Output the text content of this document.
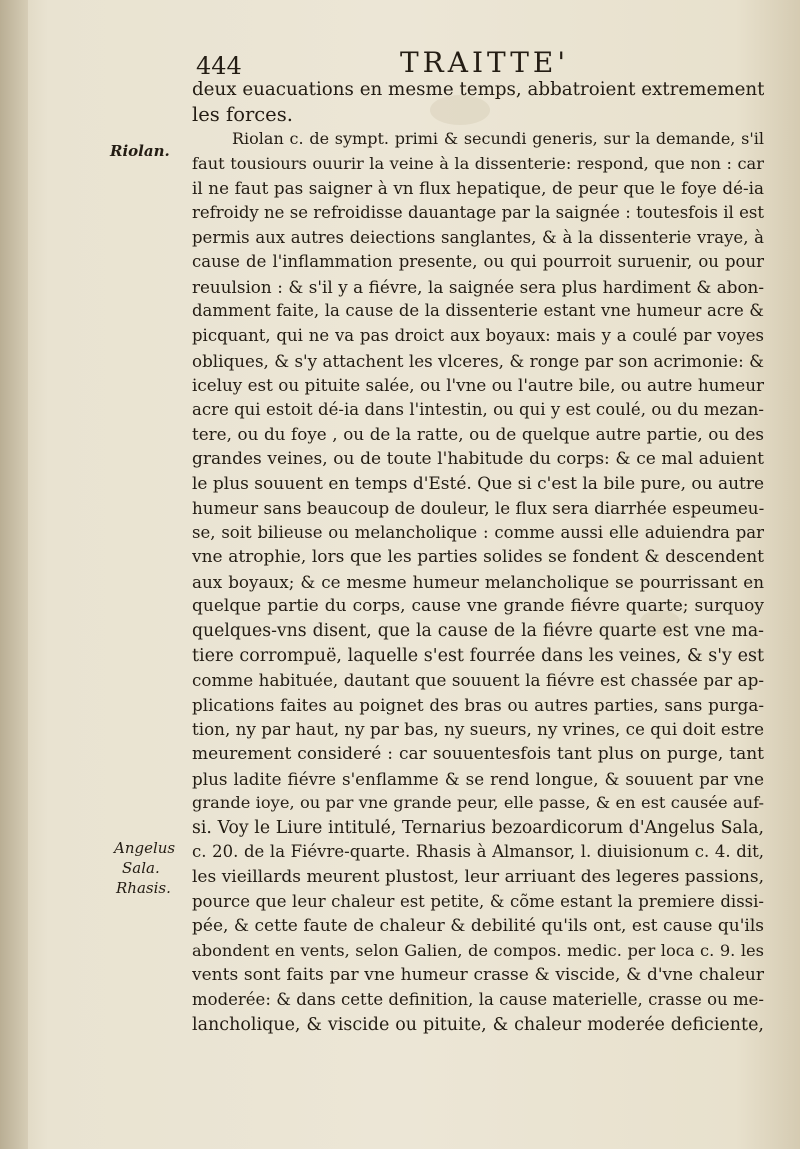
444	TRAITTE'
Riolan.
Angelus
Sala.
Rhasis.
deux euacuations en mesme temps, abbatroient extremement
les forces.
Riolan c. de sympt. primi & secundi generis, sur la demande, s'il
faut tousiours ouurir la veine à la dissenterie: respond, que non : car
il ne faut pas saigner à vn flux hepatique, de peur que le foye dé-ia
refroidy ne se refroidisse dauantage par la saignée : toutesfois il est
permis aux autres deiections sanglantes, & à la dissenterie vraye, à
cause de l'inflammation presente, ou qui pourroit suruenir, ou pour
reuulsion : & s'il y a fiévre, la saignée sera plus hardiment & abon-
damment faite, la cause de la dissenterie estant vne humeur acre &
picquant, qui ne va pas droict aux boyaux: mais y a coulé par voyes
obliques, & s'y attachent les vlceres, & ronge par son acrimonie: &
iceluy est ou pituite salée, ou l'vne ou l'autre bile, ou autre humeur
acre qui estoit dé-ia dans l'intestin, ou qui y est coulé, ou du mezan-
tere, ou du foye , ou de la ratte, ou de quelque autre partie, ou des
grandes veines, ou de toute l'habitude du corps: & ce mal aduient
le plus souuent en temps d'Esté. Que si c'est la bile pure, ou autre
humeur sans beaucoup de douleur, le flux sera diarrhée espeumeu-
se, soit bilieuse ou melancholique : comme aussi elle aduiendra par
vne atrophie, lors que les parties solides se fondent & descendent
aux boyaux; & ce mesme humeur melancholique se pourrissant en
quelque partie du corps, cause vne grande fiévre quarte; surquoy
quelques-vns disent, que la cause de la fiévre quarte est vne ma-
tiere corrompuë, laquelle s'est fourrée dans les veines, & s'y est
comme habituée, dautant que souuent la fiévre est chassée par ap-
plications faites au poignet des bras ou autres parties, sans purga-
tion, ny par haut, ny par bas, ny sueurs, ny vrines, ce qui doit estre
meurement consideré : car souuentesfois tant plus on purge, tant
plus ladite fiévre s'enflamme & se rend longue, & souuent par vne
grande ioye, ou par vne grande peur, elle passe, & en est causée auf-
si. Voy le Liure intitulé, Ternarius bezoardicorum d'Angelus Sala,
c. 20. de la Fiévre-quarte. Rhasis à Almansor, l. diuisionum c. 4. dit,
les vieillards meurent plustost, leur arriuant des legeres passions,
pource que leur chaleur est petite, & cõme estant la premiere dissi-
pée, & cette faute de chaleur & debilité qu'ils ont, est cause qu'ils
abondent en vents, selon Galien, de compos. medic. per loca c. 9. les
vents sont faits par vne humeur crasse & viscide, & d'vne chaleur
moderée: & dans cette definition, la cause materielle, crasse ou me-
lancholique, & viscide ou pituite, & chaleur moderée deficiente,
